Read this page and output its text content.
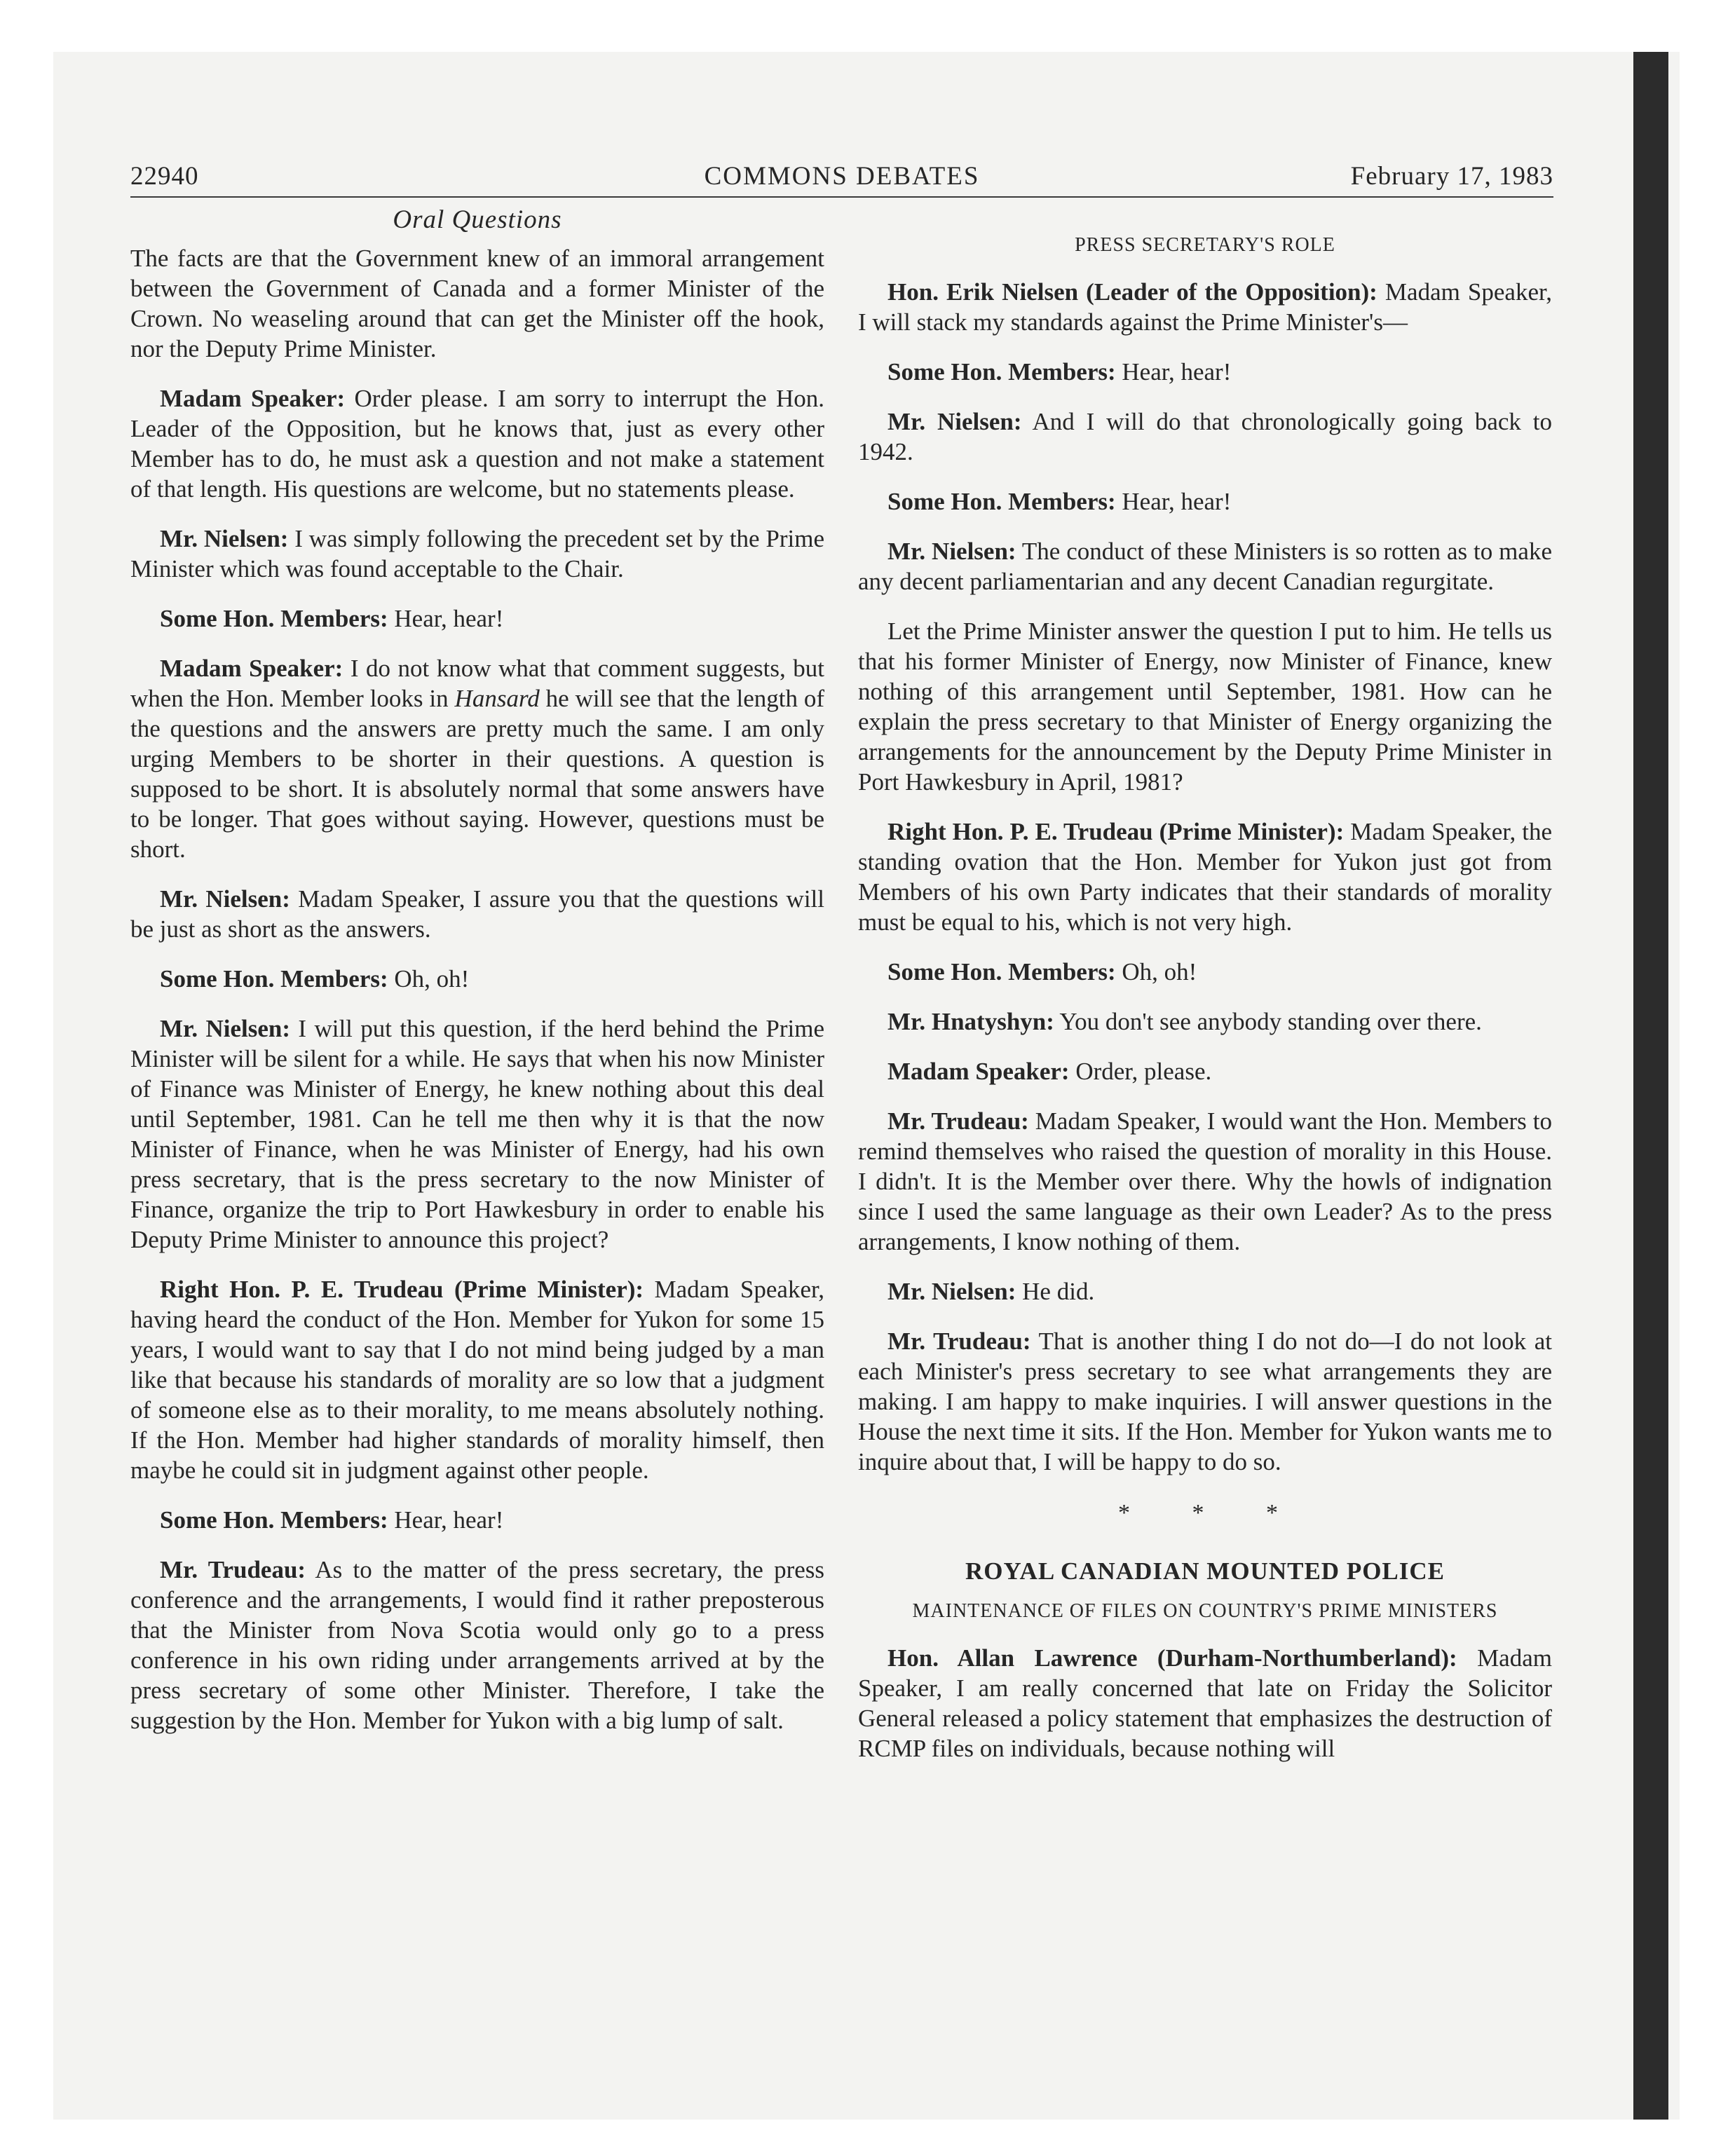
22940	COMMONS DEBATES	February 17, 1983
Oral Questions

The facts are that the Government knew of an immoral arrangement between the Government of Canada and a former Minister of the Crown. No weaseling around that can get the Minister off the hook, nor the Deputy Prime Minister.

Madam Speaker: Order please. I am sorry to interrupt the Hon. Leader of the Opposition, but he knows that, just as every other Member has to do, he must ask a question and not make a statement of that length. His questions are welcome, but no statements please.

Mr. Nielsen: I was simply following the precedent set by the Prime Minister which was found acceptable to the Chair.

Some Hon. Members: Hear, hear!

Madam Speaker: I do not know what that comment suggests, but when the Hon. Member looks in Hansard he will see that the length of the questions and the answers are pretty much the same. I am only urging Members to be shorter in their questions. A question is supposed to be short. It is absolutely normal that some answers have to be longer. That goes without saying. However, questions must be short.

Mr. Nielsen: Madam Speaker, I assure you that the questions will be just as short as the answers.

Some Hon. Members: Oh, oh!

Mr. Nielsen: I will put this question, if the herd behind the Prime Minister will be silent for a while. He says that when his now Minister of Finance was Minister of Energy, he knew nothing about this deal until September, 1981. Can he tell me then why it is that the now Minister of Finance, when he was Minister of Energy, had his own press secretary, that is the press secretary to the now Minister of Finance, organize the trip to Port Hawkesbury in order to enable his Deputy Prime Minister to announce this project?

Right Hon. P. E. Trudeau (Prime Minister): Madam Speaker, having heard the conduct of the Hon. Member for Yukon for some 15 years, I would want to say that I do not mind being judged by a man like that because his standards of morality are so low that a judgment of someone else as to their morality, to me means absolutely nothing. If the Hon. Member had higher standards of morality himself, then maybe he could sit in judgment against other people.

Some Hon. Members: Hear, hear!

Mr. Trudeau: As to the matter of the press secretary, the press conference and the arrangements, I would find it rather preposterous that the Minister from Nova Scotia would only go to a press conference in his own riding under arrangements arrived at by the press secretary of some other Minister. Therefore, I take the suggestion by the Hon. Member for Yukon with a big lump of salt.

PRESS SECRETARY'S ROLE

Hon. Erik Nielsen (Leader of the Opposition): Madam Speaker, I will stack my standards against the Prime Minister's—

Some Hon. Members: Hear, hear!

Mr. Nielsen: And I will do that chronologically going back to 1942.

Some Hon. Members: Hear, hear!

Mr. Nielsen: The conduct of these Ministers is so rotten as to make any decent parliamentarian and any decent Canadian regurgitate.

Let the Prime Minister answer the question I put to him. He tells us that his former Minister of Energy, now Minister of Finance, knew nothing of this arrangement until September, 1981. How can he explain the press secretary to that Minister of Energy organizing the arrangements for the announcement by the Deputy Prime Minister in Port Hawkesbury in April, 1981?

Right Hon. P. E. Trudeau (Prime Minister): Madam Speaker, the standing ovation that the Hon. Member for Yukon just got from Members of his own Party indicates that their standards of morality must be equal to his, which is not very high.

Some Hon. Members: Oh, oh!

Mr. Hnatyshyn: You don't see anybody standing over there.

Madam Speaker: Order, please.

Mr. Trudeau: Madam Speaker, I would want the Hon. Members to remind themselves who raised the question of morality in this House. I didn't. It is the Member over there. Why the howls of indignation since I used the same language as their own Leader? As to the press arrangements, I know nothing of them.

Mr. Nielsen: He did.

Mr. Trudeau: That is another thing I do not do—I do not look at each Minister's press secretary to see what arrangements they are making. I am happy to make inquiries. I will answer questions in the House the next time it sits. If the Hon. Member for Yukon wants me to inquire about that, I will be happy to do so.

* * *
ROYAL CANADIAN MOUNTED POLICE
MAINTENANCE OF FILES ON COUNTRY'S PRIME MINISTERS

Hon. Allan Lawrence (Durham-Northumberland): Madam Speaker, I am really concerned that late on Friday the Solicitor General released a policy statement that emphasizes the destruction of RCMP files on individuals, because nothing will
